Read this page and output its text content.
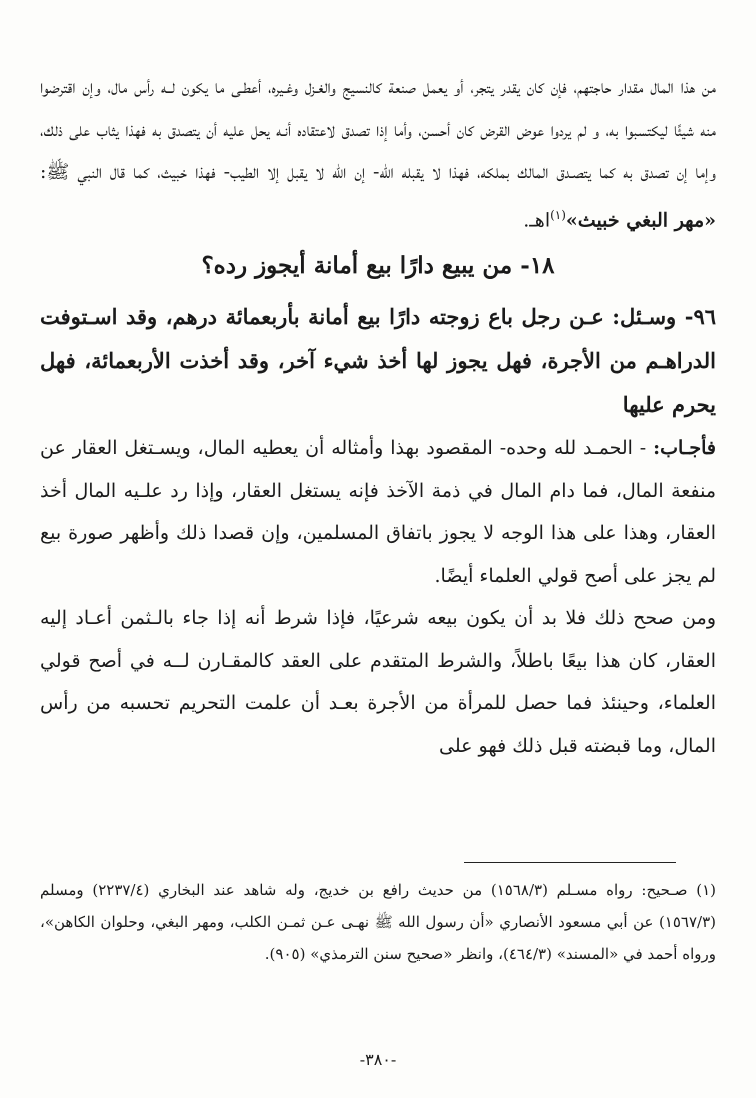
من هذا المال مقدار حاجتهم، فإن كان يقدر يتجر، أو يعمل صنعة كالنسيج والغـزل وغـيره، أعطـى ما يكون لــه رأس مال، وإن اقترضوا منه شيئًا ليكتسبوا به، و لم يردوا عوض القرض كان أحسن، وأما إذا تصدق لاعتقاده أنـه يحل عليه أن يتصدق به فهذا يثاب على ذلك، وإما إن تصدق به كما يتصـدق المالك بملكه، فهذا لا يقبله الله- إن الله لا يقبل إلا الطيب- فهذا خبيث، كما قال النبي ﷺ: «مهر البغي خبيث»$^{(١)}$اهـ.

١٨- من يبيع دارًا بيع أمانة أيجوز رده؟

٩٦- وسـئل: عـن رجل باع زوجته دارًا بيع أمانة بأربعمائة درهم، وقد اسـتوفت الدراهـم من الأجرة، فهل يجوز لها أخذ شيء آخر، وقد أخذت الأربعمائة، فهل يحرم عليها

فأجـاب: - الحمـد لله وحده- المقصود بهذا وأمثاله أن يعطيه المال، ويسـتغل العقار عن منفعة المال، فما دام المال في ذمة الآخذ فإنه يستغل العقار، وإذا رد علـيه المال أخذ العقار، وهذا على هذا الوجه لا يجوز باتفاق المسلمين، وإن قصدا ذلك وأظهر صورة بيع لم يجز على أصح قولي العلماء أيضًا.

ومن صحح ذلك فلا بد أن يكون بيعه شرعيًا، فإذا شرط أنه إذا جاء بالـثمن أعـاد إليه العقار، كان هذا بيعًا باطلاً، والشرط المتقدم على العقد كالمقـارن لــه في أصح قولي العلماء، وحينئذ فما حصل للمرأة من الأجرة بعـد أن علمت التحريم تحسبه من رأس المال، وما قبضته قبل ذلك فهو على

(١) صـحيح: رواه مسـلم (١٥٦٨/٣) من حديث رافع بن خديج، وله شاهد عند البخاري (٢٢٣٧/٤) ومسلم (١٥٦٧/٣) عن أبي مسعود الأنصاري «أن رسول الله ﷺ نهـى عـن ثمـن الكلب، ومهر البغي، وحلوان الكاهن»، ورواه أحمد في «المسند» (٤٦٤/٣)، وانظر «صحيح سنن الترمذي» (٩٠٥).

-٣٨٠-
